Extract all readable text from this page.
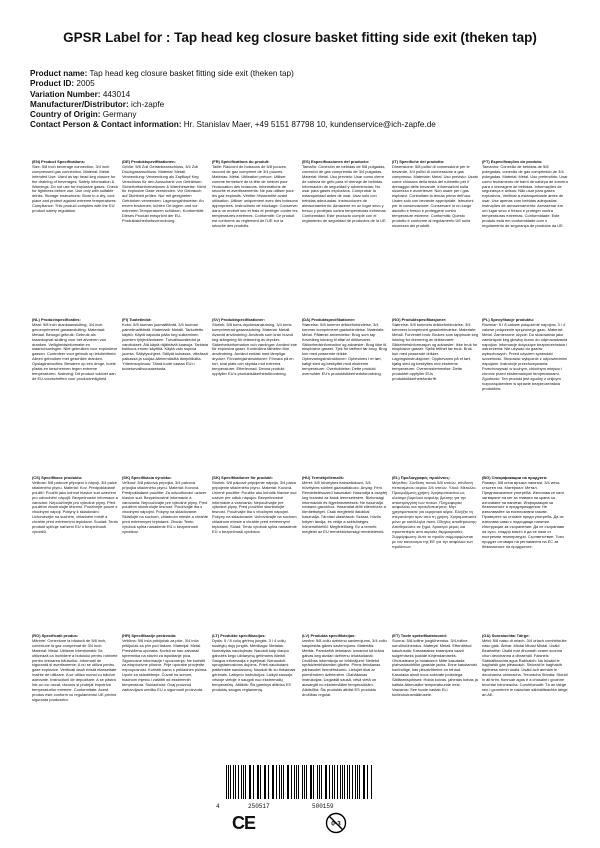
GPSR Label for : Tap head keg closure basket fitting side exit (theken tap)
Product name: Tap head keg closure basket fitting side exit (theken tap)
Product ID: 2005
Variation Number: 443014
Manufacturer/Distributor: ich-zapfe
Country of Origin: Germany
Contact Person & Contact information: Hr. Stanislav Maer, +49 5151 87798 10, kundenservice@ich-zapfe.de

(EN) Product Specifications:

Size: 5/8 inch beverage connection, 3/4 inch compressed gas connection. Material: Metal. Intended Use: Used as tap head keg closure for the draining of beverages. Safety Information & Warnings: Do not use for explosive gases. Check for tightness before use. Use only with suitable drinks. Storage Instructions: Store in a dry, cool place and protect against extreme temperatures. Compliance: This product complies with the EU product safety regulation.

(DE) Produktspezifikationen:

Größe: 5/8 Zoll Getränkeanschluss, 3/4 Zoll Druckgasanschluss. Material: Metall. Verwendung: Verwendung als Zapfkopf Keg Verschluss für den Ausschank von Getränken. Sicherheitsinformationen & Warnhinweise: Nicht für explosive Gase verwenden. Vor Gebrauch auf Dichtheit prüfen. Nur mit geeigneten Getränken verwenden. Lagerungshinweise: An einem trockenen, kühlen Ort lagern und vor extremen Temperaturen schützen. Konformität: Dieses Produkt entspricht der EU-Produktsicherheitsverordnung.

(FR) Spécifications du produit:

Taille: Raccord de boissons de 5/8 pouces, raccord de gaz comprimé de 3/4 pouces. Matériau: Métal. Utilisation prévue: Utiliser comme fermeture de la tête de robinet pour l'évacuation des boissons. Informations de sécurité et avertissements: Ne pas utiliser pour les gaz explosifs. Vérifier l'étanchéité avant utilisation. Utiliser uniquement avec des boissons appropriées. Instructions de stockage: Conserver dans un endroit sec et frais et protéger contre les températures extrêmes. Conformité: Ce produit est conforme au règlement de l'UE sur la sécurité des produits.

(ES) Especificaciones del producto:

Tamaño: Conexión de bebidas de 5/8 pulgadas, conexión de gas comprimido de 3/4 pulgadas. Material: Metal. Uso previsto: Usar como cierre de cabeza de grifo para el drenaje de bebidas. Información de seguridad y advertencias: No usar para gases explosivos. Comprobar la estanqueidad antes de usar. Usar solo con bebidas adecuadas. Instrucciones de almacenamiento: Almacene en un lugar seco y fresco y protéjalo contra temperaturas extremas. Conformidad: Este producto cumple con el reglamento de seguridad de productos de la UE.

(IT) Specifiche del prodotto:

Dimensione: 5/8 pollici di connessione per le bevande, 3/4 pollici di connessione a gas compresso. Materiale: Metal. Uso previsto: Usato come chiusura della testa del rubinetto per il drenaggio delle bevande. Informazioni sulla sicurezza e avvertenze: Non usare per i gas esplosivi. Controllare la tenuta prima dell'uso. Usare solo con bevande appropriate. Istruzioni per la conservazione: Conservare in un luogo asciutto e fresco e proteggere contro temperature estreme. Conformità: Questo prodotto è conforme al regolamento UE sulla sicurezza dei prodotti.

(PT) Especificações do produto:

Tamanho: Conexão de bebidas de 5/8 polegadas, conexão de gás comprimido de 3/4 polegadas. Material: Metal. Uso pretendido: Usar como fechamento de barril de cabeça de torneira para o drenagem de bebidas. Informações de segurança e avisos: Não usar para gases explosivos. Verificar a estanqueidade antes de usar. Use apenas com bebidas adequadas. Instruções de armazenamento: Armazenar em um lugar seco e fresco e proteger contra temperaturas extremas. Conformidade: Este produto está em conformidade com o regulamento de segurança de produtos da UE.

(NL) Productspecificaties:

Maat: 5/8 inch drankaansluiting, 3/4 inch gecomprimeerd gasaansluiting. Materiaal: Metaal. Beoogd gebruik: Gebruik als kraankopvat sluiting voor het afvoeren van dranken. Veiligheidsinformatie en waarschuwingen: Niet gebruiken voor explosieve gassen. Controleer voor gebruik op lekdichtheid. Alleen gebruiken met geschikte dranken. Opslaginstructies: Bewaren op een droge, koele plaats en beschermen tegen extreme temperaturen. Naleving: Dit product voldoet aan de EU-voorschriften voor productveiligheid.

(FI) Tuotetiedot:

Koko: 5/8 tuuman juomaliitäntä, 3/4 tuuman paineilmaliitäntä. Materiaali: Metalli. Tarkoitettu käyttö: Käytä napauta pään keg sulkeminen juomien tyhjentämiseen. Turvallisuustiedot ja varoitukset: Älä käytä räjähtäviä kaasuja. Tarkista tiukkuus ennen käyttöä. Käytä vain sopivia juomia. Säilytysohjeet: Säilytä kuivassa, viileässä paikassa ja suojaa äärimmäisiltä lämpötiloilta. Yhteensopivuus: Tämä tuote vastaa EU:n tuoteturvallisuusasetusta.

(SV) Produktspecifikationer:

Storlek: 5/8 tums dryckesanslutning, 3/4 tums komprimerad gasanslutning. Material: Metall. Avsedd användning: Används som kran huvud keg stängning för dränering av drycker. Säkerhetsinformation och varningar: Använd inte för explosiva gaser. Kontrollera tätheten före användning. Använd endast med lämpliga drycker. Förvaringsinstruktioner: Förvara på en torr, sval plats och skydda mot extrema temperaturer. Efterlevnad: Denna produkt uppfyller EU:s produktsäkerhetsförordning.

(DA) Produktspecifikationer:

Størrelse: 5/8 tommer drikkeforbindelse, 3/4 tommer komprimeret gasforbindelse. Materiale: Metal. Påtænkt anvendelse: Brug som tap hovedkeg lukning til aftøl af drikkevarer. Sikkerhedsinformation og advarsler: Brug ikke til eksplosive gasser. Tjek for tæthed før brug. Brug kun med passende drikke. Opbevaringsinstruktioner: Opbevares i et tørt, køligt sted og beskyttet mod ekstreme temperaturer. Overholdelse: Dette produkt overholder EU's produktsikkerhedsforordning.

(NO) Produktspesifikasjoner:

Størrelse: 5/8 tommers drikkeforbindelse, 3/4 tommers komprimert gassforbindelse. Materiale: Metall. Forventet bruk: Brukes som tapphode keg lukning for drenering av drikkevarer. Sikkerhetsinformasjon og advarsler: Ikke bruk for eksplosive gasser. Sjekk tetthet før bruk. Bruk kun med passende drikker. Lagringsinstruksjoner: Oppbevares på et tørt, kjølig sted og beskyttes mot ekstreme temperaturer. Overensstemmelse: Dette produktet oppfyller EUs produktsikkerhetsforskrift.

(PL) Specyfikacje produktu:

Rozmiar: 5 / 8 calowe połączenie napojów, 3 / 4 calowe połączenie sprężonego gazu. Materiał: Metal. Zamierzone użycie: Do stosowania jako zamknięcie keg głowicy kranu do odprowadzania napojów. Informacje dotyczące bezpieczeństwa i ostrzeżenia: Nie używać do gazów wybuchowych. Przed użyciem sprawdzić szczelność. Stosować wyłącznie z odpowiednimi napojami. Instrukcje przechowywania: Przechowywać w suchym, chłodnym miejscu i chronić przed ekstremalnymi temperaturami. Zgodność: Ten produkt jest zgodny z unijnym rozporządzeniem w sprawie bezpieczeństwa produktów.

(CS) Specifikace produktu:

Velikost: 5/8 palcové připojení k nápoji, 3/4 palce stlačeného plynu. Materiál: Kov. Předpokládané použití: Použití jako kohout hlavice sud uzavření pro odvodnění nápojů. Bezpečnostní informace a varování: Nepoužívejte pro výbušné plyny. Před použitím zkontrolujte těsnost. Používejte pouze s vhodnými nápoji. Pokyny k skladování: Uchovávejte na suchém, chladném místě a chraňte před extrémními teplotami. Soulad: Tento produkt splňuje nařízení EU o bezpečnosti výrobků.

(SK) Špecifikácia výrobku:

Veľkosť: 5/8 palcová prípojka, 3/4 palcová prípojka stlačeného plynu. Materiál: Kovová. Predpokladané použitie: Za odvodňovací uzáver hlavice sud. Bezpečnostné informácie a varovania: Nepoužívajte pre výbušné plyny. Pred použitím skontrolujte tesnosť. Používajte iba s vhodnými nápojmi. Pokyny na skladovanie: Skladujte na suchom, chladnom mieste a chráňte pred extrémnymi teplotami. Zhoda: Tento výrobok spĺňa nariadenie EÚ o bezpečnosti výrobkov.

(SK) Specifikationer för produkt:

Storlek: 5/8 palcové pripojenie nápoja, 3/4 palca pripojenie stlačeného plynu. Materiál: Kovová. Určené použitie: Použite ako kohútik hlavice sud uzáver pre odtok nápojov. Bezpečnostné informácie a varovania: Nepoužívajte pre výbušné plyny. Pred použitím skontrolujte tesnosť. Používajte iba s vhodnými nápojmi. Pokyny na skladovanie: Uchovávajte na suchom, chladnom mieste a chráňte pred extrémnymi teplotami. Súlad: Tento výrobok spĺňa nariadenie EÚ o bezpečnosti výrobkov.

(HU) Termékjellemzők:

Méret: 5/8 hüvelykes italcsatlakozó, 3/4 hüvelykes sűrített gázcsatlakozó. Anyag: Fém. Rendeltetésszerű használat: Használja a csapfej keg lezárást az italok leeresztésére. Biztonsági információk és figyelmeztetések: Ne használja robbanó gázokhoz. Használat előtt ellenőrizze a tömítettséget. Csak megfelelő italokkal használja. Tárolási utasítások: Száraz, hűvös helyen tárolja, és védje a szélsőséges hőmérséklettől. Megfelelőség: Ez a termék megfelel az EU termékbiztonsági rendeletének.

(EL) Προδιαγραφές προϊόντος:

Μέγεθος: Σύνδεση ποτού 5/8 ιντσών, σύνδεση πεπιεσμένου αερίου 3/4 ιντσών. Υλικό: Μέταλλο. Προοριζόμενη χρήση: Χρησιμοποιείται ως κλείσιμο βαρελιού κεφαλής βρύσης για την αποστράγγιση των ποτών. Πληροφορίες ασφαλείας και προειδοποιήσεις: Μην χρησιμοποιείτε για εκρηκτικά αέρια. Ελέγξτε τη στεγανότητα πριν από τη χρήση. Χρησιμοποιείτε μόνο με κατάλληλα ποτά. Οδηγίες αποθήκευσης: Αποθηκεύστε σε ξηρό, δροσερό μέρος και προστατέψτε από ακραίες θερμοκρασίες. Συμμόρφωση: Αυτό το προϊόν συμμορφώνεται με τον κανονισμό της ΕΕ για την ασφάλεια των προϊόντων.

(BG) Спецификации на продукта:

Размер: 5/8 инча връзка напитки, 3/4 инча сгъстен газ. Материал: Метал. Предназначение употреба: Използва се като затваряне на кег за главата на крана за източване на напитки. Информация за безопасност и предупреждения: Не използвайте за експлозивни газове. Проверете за стягане преди употреба. Да се използва само с подходящи напитки. Инструкции за съхранение: Да се съхранява на сухо, хладно място и да се пази от екстремни температури. Съответствие: Този продукт отговаря на регламента на ЕС за безопасност на продуктите.

(RO) Specificații produs:

Mărime: Conexiune la băutură de 5/8 inch, conexiune la gaz comprimat de 3/4 inch. Material: Metal. Utilizare intenționată: Se utilizează ca închidere a butoiului pentru robinete pentru drenarea băuturilor. Informații de siguranță și avertismente: A nu se utiliza pentru gaze explozive. Verificați dacă există etanșeitate înainte de utilizare. A se utiliza numai cu băuturi adecvate. Instrucțiuni de depozitare: A se păstra într-un loc uscat, răcoros și protejat împotriva temperaturilor extreme. Conformitate: Acest produs este conform cu regulamentul UE privind siguranța produselor.

(HR) Specifikacije proizvoda:

Veličina: 5/8 inča priključak za piće, 3/4 inča priključak za plin pod tlakom. Materijal: Metal. Predviđena uporaba: Koristi se kao zatvarač spremnika na slavini za ispuštanje pića. Sigurnosne informacije i upozorenja: Ne koristiti za eksplozivne plinove. Prije uporabe provjerite nepropusnost. Koristiti samo s prikladnim pićima. Upute za skladištenje: Čuvati na suhom, hladnom mjestu i zaštititi od ekstremnih temperatura. Sukladnost: Ovaj proizvod zadovoljava uredbu EU o sigurnosti proizvoda.

(LT) Produkto specifikacijos:

Dydis: 5 / 8 colių gėrimų jungtis, 3 / 4 colių suslėgtų dujų jungtis. Medžiaga: Metalas. Numatytas naudojimas: Naudoti kaip čiaupo galvutės kego uždarymą gėrimams išleisti. Saugos informacija ir įspėjimai: Nenaudoti sprogstamosioms dujoms. Prieš naudodami patikrinkite sandarumą. Naudoti tik su tinkamais gėrimais. Laikymo instrukcijos: Laikyti sausoje, vėsioje vietoje ir saugoti nuo ekstremalių temperatūrų. Atitiktis: Šis gaminys atitinka ES produktų saugos reglamentą.

(LV) Produkta specifikācijas:

Izmērs: 5/8 collu dzērienu savienojums, 3/4 collu saspiestās gāzes savienojums. Materiāls: Metāls. Paredzētā lietošana: Izmantot kā krāna galvas keg aizdari dzērienu iztukšošanai. Drošības informācija un brīdinājumi: Nelietot sprādzienbīstamām gāzēm. Pirms lietošanas pārbaudiet hermētiskumu. Lietojiet tikai ar piemērotiem dzērieniem. Glabāšanas instrukcijas: Uzglabāt sausā, vēsā vietā un aizsargāt no ekstremālām temperatūrām. Atbilstība: Šis produkts atbilst ES produktu drošības regulai.

(ET) Toote spetsifikatsioonid:

Suurus: 5/8-tolline joogiühendus, 3/4-tolline suruõhuühendus. Materjal: Metall. Ettenähtud kasutusala: Kasutatakse kraanipea vaadi sulgemiseks jookide tühjendamiseks. Ohutusteave ja hoiatused: Mitte kasutada plahvatusohtlike gaaside jaoks. Enne kasutamist kontrollige, kas pitsatvõtmine on tehtud. Kasutada ainult koos sobivate jookidega. Säilitamisjuhised: Hoida kuivas, jahedas kohas ja kaitsta äärmuslike temperatuuride eest. Vastavus: See toode vastab ELi tooteohutusmäärusele.

(GA) Sonraíochtaí Táirge:

Méid: 5/8 naisc di orlach, 3/4 orlach comhbhrúite nasc gáis. Ábhar: Miotal Miotal Miotal. Úsáid Beartaithe: Úsáid mar dhúnadh ceann sconna chun deochanna a dhraenáil. Faisnéis Sábháilteachta agus Rabhaidh: Ná húsáid le haghaidh gás pléascach. Seiceáil le haghaidh tightness roimh úsáid. Úsáid ach amháin le deochanna oiriúnacha. Treoracha Stórála: Stóráil in áit tirim, fionnuar agus é a chosaint i gcoinne teochtaí foircneacha. Comhlíonadh: Tá an táirge seo i gcomhréir le rialachán sábháilteachta táirge an AE.

4	250517	500159
CE	0-3
